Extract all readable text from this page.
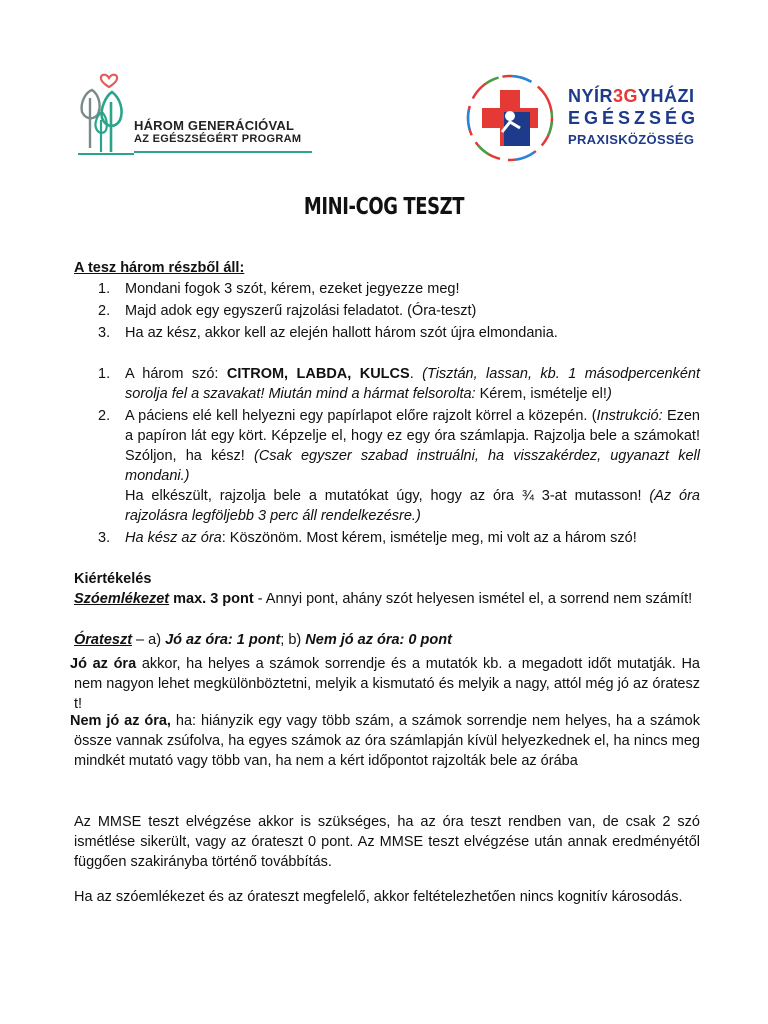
HÁROM GENERÁCIÓVAL
AZ EGÉSZSÉGÉRT PROGRAM
NYÍR3GYHÁZI
EGÉSZSÉG
PRAXISKÖZÖSSÉG
MINI-COG TESZT
A tesz három részből áll:
1. Mondani fogok 3 szót, kérem, ezeket jegyezze meg!
2. Majd adok egy egyszerű rajzolási feladatot. (Óra-teszt)
3. Ha az kész, akkor kell az elején hallott három szót újra elmondania.
1. A három szó: CITROM, LABDA, KULCS. (Tisztán, lassan, kb. 1 másodpercenként sorolja fel a szavakat! Miután mind a hármat felsorolta: Kérem, ismételje el!)
2. A páciens elé kell helyezni egy papírlapot előre rajzolt körrel a közepén. (Instrukció: Ezen a papíron lát egy kört. Képzelje el, hogy ez egy óra számlapja. Rajzolja bele a számokat! Szóljon, ha kész! (Csak egyszer szabad instruálni, ha visszakérdez, ugyanazt kell mondani.)
Ha elkészült, rajzolja bele a mutatókat úgy, hogy az óra ¾ 3-at mutasson! (Az óra rajzolásra legföljebb 3 perc áll rendelkezésre.)
3. Ha kész az óra: Köszönöm. Most kérem, ismételje meg, mi volt az a három szó!
Kiértékelés
Szóemlékezet max. 3 pont - Annyi pont, ahány szót helyesen ismétel el, a sorrend nem számít!
Órateszt – a) Jó az óra: 1 pont; b) Nem jó az óra: 0 pont
Jó az óra akkor, ha helyes a számok sorrendje és a mutatók kb. a megadott időt mutatják. Ha nem nagyon lehet megkülönböztetni, melyik a kismutató és melyik a nagy, attól még jó az óratesz t!
Nem jó az óra, ha: hiányzik egy vagy több szám, a számok sorrendje nem helyes, ha a számok össze vannak zsúfolva, ha egyes számok az óra számlapján kívül helyezkednek el, ha nincs meg mindkét mutató vagy több van, ha nem a kért időpontot rajzolták bele az órába
Az MMSE teszt elvégzése akkor is szükséges, ha az óra teszt rendben van, de csak 2 szó ismétlése sikerült, vagy az órateszt 0 pont. Az MMSE teszt elvégzése után annak eredményétől függően szakirányba történő továbbítás.
Ha az szóemlékezet és az órateszt megfelelő, akkor feltételezhetően nincs kognitív károsodás.
